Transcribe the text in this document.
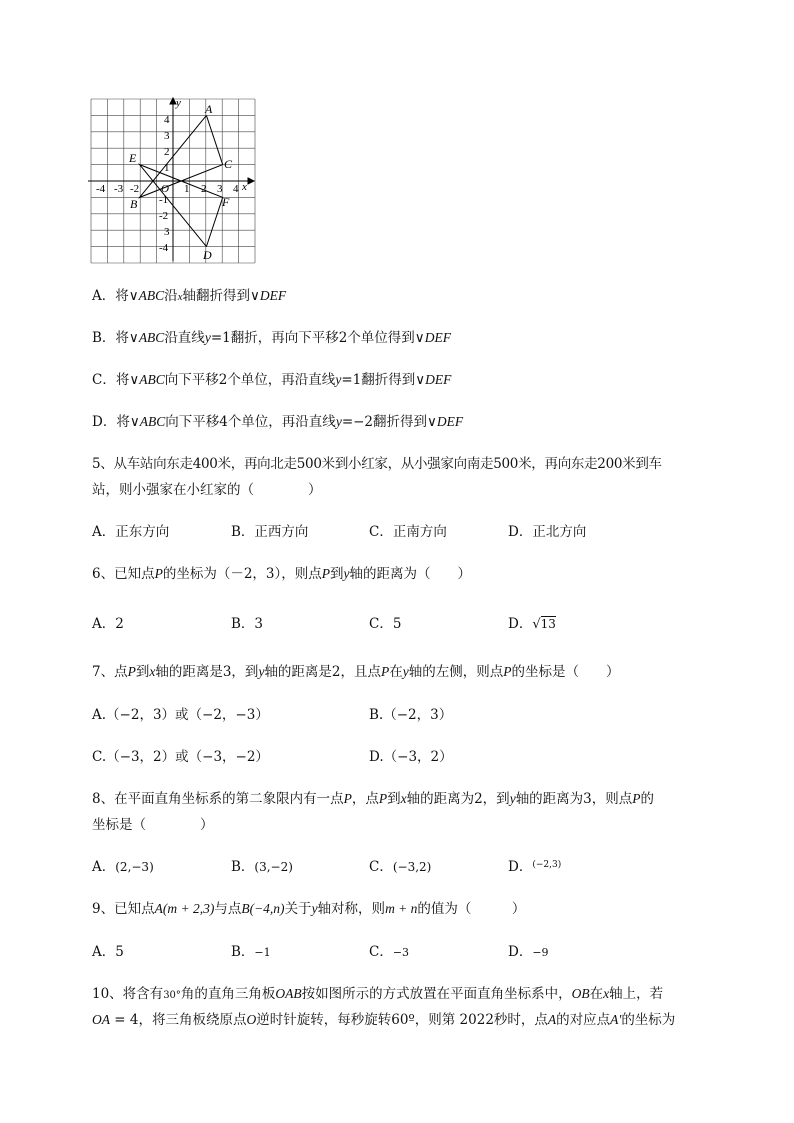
-4 -3 -2 O 1 2 3 4 x
4
3
2
1
-1
-2
3
-4
y A
B
C
D
E
F
A．将∨ABC沿x轴翻折得到∨DEF
B．将∨ABC沿直线y=1翻折，再向下平移2个单位得到∨DEF
C．将∨ABC向下平移2个单位，再沿直线y=1翻折得到∨DEF
D．将∨ABC向下平移4个单位，再沿直线y=−2翻折得到∨DEF
5、从车站向东走400米，再向北走500米到小红家，从小强家向南走500米，再向东走200米到车
站，则小强家在小红家的（　　　　）
A．正东方向	B．正西方向	C．正南方向	D．正北方向
6、已知点P的坐标为（－2，3），则点P到y轴的距离为（　　）
A．2	B．3	C．5	D．√13
7、点P到x轴的距离是3，到y轴的距离是2，且点P在y轴的左侧，则点P的坐标是（　　）
A.（−2，3）或（−2，−3）	B.（−2，3）
C.（−3，2）或（−3，−2）	D.（−3，2）
8、在平面直角坐标系的第二象限内有一点P，点P到x轴的距离为2，到y轴的距离为3，则点P的
坐标是（　　　　）
A．(2,−3)	B．(3,−2)	C．(−3,2)	D．$^{(-2,3)}$
9、已知点A(m + 2,3)与点B(−4,n)关于y轴对称，则m + n的值为（　　　）
A．5	B．−1	C．−3	D．−9
10、将含有30°角的直角三角板OAB按如图所示的方式放置在平面直角坐标系中，OB在x轴上，若
OA = 4，将三角板绕原点O逆时针旋转，每秒旋转60º，则第 2022秒时，点A的对应点A'的坐标为
